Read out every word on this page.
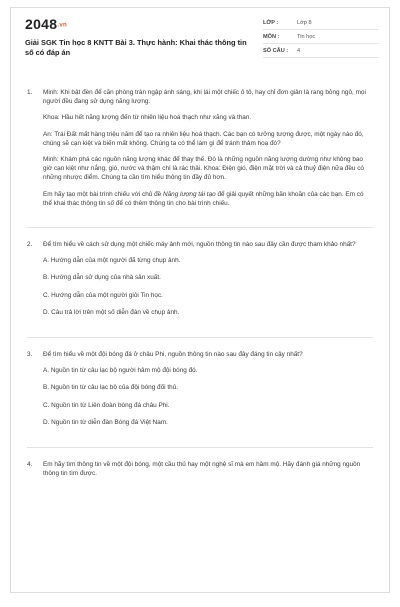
2048.vn
Giải SGK Tin học 8 KNTT Bài 3. Thực hành: Khai thác thông tin số có đáp án
LỚP :	Lớp 8
MÔN :	Tin học
SỐ CÂU :	4
1.	Minh: Khi bật đèn để căn phòng tràn ngập ánh sáng, khi lái một chiếc ô tô, hay chỉ đơn giản là rang bỏng ngô, mọi người đều đang sử dụng năng lượng.

Khoa: Hầu hết năng lượng đến từ nhiên liệu hoá thạch như xăng và than.

An: Trái Đất mất hàng triệu năm để tạo ra nhiên liệu hoá thạch. Các bạn có tưởng tượng được, một ngày nào đó, chúng sẽ cạn kiệt và biến mất không. Chúng ta có thể làm gì để tránh thảm hoạ đó?

Minh: Khám phá các nguồn năng lượng khác để thay thế. Đó là những nguồn năng lượng dường như không bao giờ cạn kiệt như nắng, gió, nước và thậm chí là rác thải. Khoa: Điện gió, điện mặt trời và cả thuỷ điện nữa đều có những nhược điểm. Chúng ta cần tìm hiểu thông tin đầy đủ hơn.

Em hãy tạo một bài trình chiếu với chủ đề Năng lượng tái tạo để giải quyết những băn khoăn của các bạn. Em có thể khai thác thông tin số để có thêm thông tin cho bài trình chiếu.

2.	Để tìm hiểu về cách sử dụng một chiếc máy ảnh mới, nguồn thông tin nào sau đây cần được tham khảo nhất?

A. Hướng dẫn của một người đã từng chụp ảnh.
B. Hướng dẫn sử dụng của nhà sản xuất.
C. Hướng dẫn của một người giỏi Tin học.
D. Câu trả lời trên một số diễn đàn về chụp ảnh.
3.	Để tìm hiểu về một đội bóng đá ở châu Phi, nguồn thông tin nào sau đây đáng tin cậy nhất?

A. Nguồn tin từ câu lạc bộ người hâm mộ đội bóng đó.
B. Nguồn tin từ câu lạc bộ của đội bóng đối thủ.
C. Nguồn tin từ Liên đoàn bóng đá châu Phi.
D. Nguồn tin từ diễn đàn Bóng đá Việt Nam.
4.	Em hãy tìm thông tin về một đội bóng, một cầu thủ hay một nghệ sĩ mà em hâm mộ. Hãy đánh giá những nguồn thông tin tìm được.
